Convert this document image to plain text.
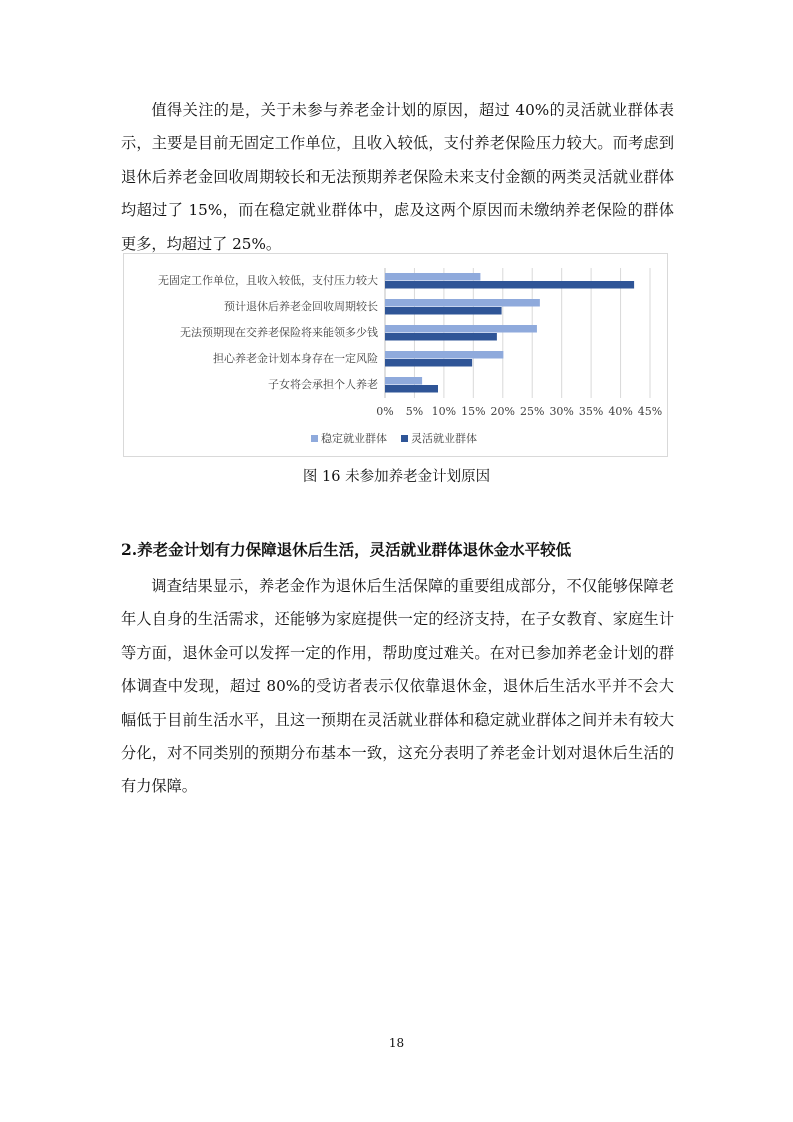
值得关注的是，关于未参与养老金计划的原因，超过 40%的灵活就业群体表示，主要是目前无固定工作单位，且收入较低，支付养老保险压力较大。而考虑到退休后养老金回收周期较长和无法预期养老保险未来支付金额的两类灵活就业群体均超过了 15%，而在稳定就业群体中，虑及这两个原因而未缴纳养老保险的群体更多，均超过了 25%。

无固定工作单位，且收入较低，支付压力较大
预计退休后养老金回收周期较长
无法预期现在交养老保险将来能领多少钱
担心养老金计划本身存在一定风险
子女将会承担个人养老
0% 5% 10% 15% 20% 25% 30% 35% 40% 45%
稳定就业群体 灵活就业群体
图 16 未参加养老金计划原因
2.养老金计划有力保障退休后生活，灵活就业群体退休金水平较低

调查结果显示，养老金作为退休后生活保障的重要组成部分，不仅能够保障老年人自身的生活需求，还能够为家庭提供一定的经济支持，在子女教育、家庭生计等方面，退休金可以发挥一定的作用，帮助度过难关。在对已参加养老金计划的群体调查中发现，超过 80%的受访者表示仅依靠退休金，退休后生活水平并不会大幅低于目前生活水平，且这一预期在灵活就业群体和稳定就业群体之间并未有较大分化，对不同类别的预期分布基本一致，这充分表明了养老金计划对退休后生活的有力保障。

18
